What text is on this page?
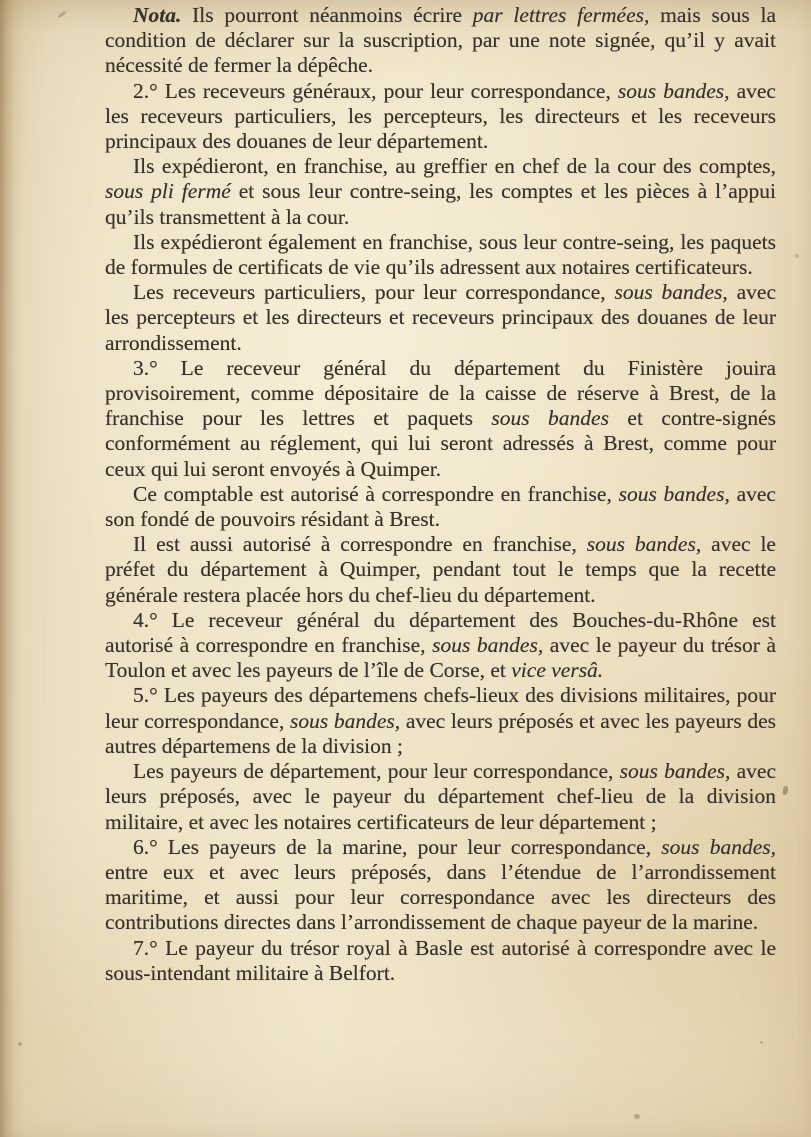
Nota. Ils pourront néanmoins écrire par lettres fermées, mais sous la condition de déclarer sur la suscription, par une note signée, qu’il y avait nécessité de fermer la dépêche.

2.° Les receveurs généraux, pour leur correspondance, sous bandes, avec les receveurs particuliers, les percepteurs, les directeurs et les receveurs principaux des douanes de leur département.

Ils expédieront, en franchise, au greffier en chef de la cour des comptes, sous pli fermé et sous leur contre-seing, les comptes et les pièces à l’appui qu’ils transmettent à la cour.

Ils expédieront également en franchise, sous leur contre-seing, les paquets de formules de certificats de vie qu’ils adressent aux notaires certificateurs.

Les receveurs particuliers, pour leur correspondance, sous bandes, avec les percepteurs et les directeurs et receveurs principaux des douanes de leur arrondissement.

3.° Le receveur général du département du Finistère jouira provisoirement, comme dépositaire de la caisse de réserve à Brest, de la franchise pour les lettres et paquets sous bandes et contre-signés conformément au réglement, qui lui seront adressés à Brest, comme pour ceux qui lui seront envoyés à Quimper.

Ce comptable est autorisé à correspondre en franchise, sous bandes, avec son fondé de pouvoirs résidant à Brest.

Il est aussi autorisé à correspondre en franchise, sous bandes, avec le préfet du département à Quimper, pendant tout le temps que la recette générale restera placée hors du chef-lieu du département.

4.° Le receveur général du département des Bouches-du-Rhône est autorisé à correspondre en franchise, sous bandes, avec le payeur du trésor à Toulon et avec les payeurs de l’île de Corse, et vice versâ.

5.° Les payeurs des départemens chefs-lieux des divisions militaires, pour leur correspondance, sous bandes, avec leurs préposés et avec les payeurs des autres départemens de la division ;

Les payeurs de département, pour leur correspondance, sous bandes, avec leurs préposés, avec le payeur du département chef-lieu de la division militaire, et avec les notaires certificateurs de leur département ;

6.° Les payeurs de la marine, pour leur correspondance, sous bandes, entre eux et avec leurs préposés, dans l’étendue de l’arrondissement maritime, et aussi pour leur correspondance avec les directeurs des contributions directes dans l’arrondissement de chaque payeur de la marine.

7.° Le payeur du trésor royal à Basle est autorisé à correspondre avec le sous-intendant militaire à Belfort.
